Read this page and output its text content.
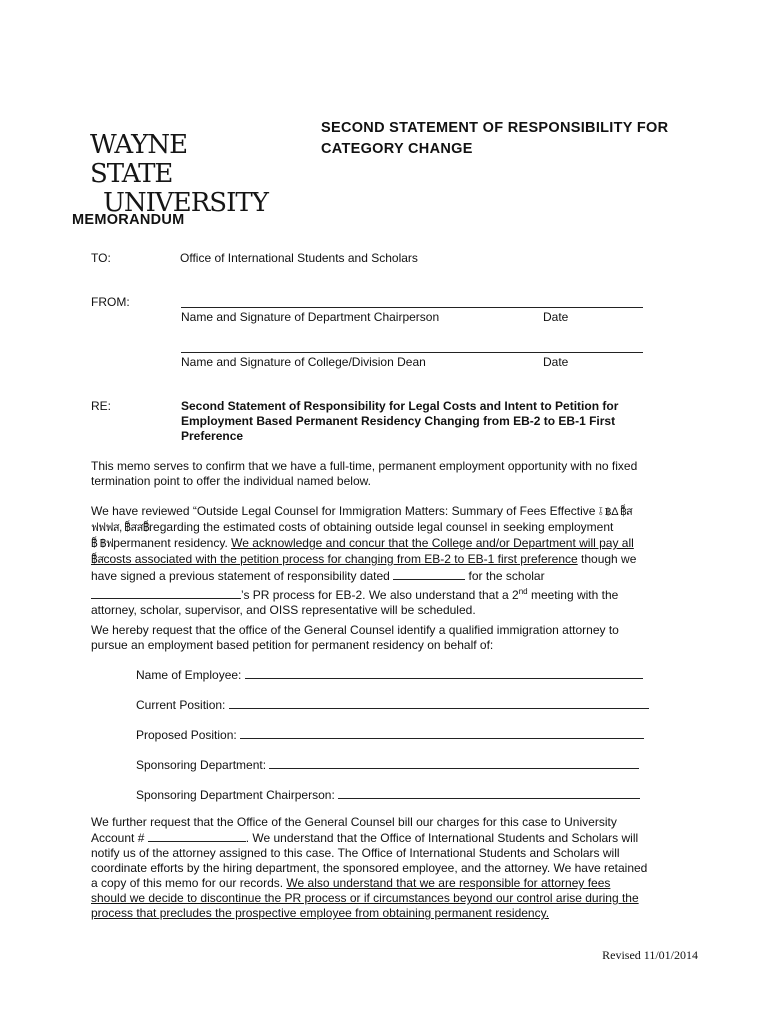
WAYNE STATE
UNIVERSITY
SECOND STATEMENT OF RESPONSIBILITY FOR
CATEGORY CHANGE
MEMORANDUM
TO:	Office of International Students and Scholars
FROM:
Name and Signature of Department Chairperson	Date
Name and Signature of College/Division Dean	Date
RE:	Second Statement of Responsibility for Legal Costs and Intent to Petition for
Employment Based Permanent Residency Changing from EB-2 to EB-1 First
Preference
This memo serves to confirm that we have a full-time, permanent employment opportunity with no fixed
termination point to offer the individual named below.
We have reviewed “Outside Legal Counsel for Immigration Matters: Summary of Fees Effective ⫱ ฿Δ ฿็ส
ฟฟฟส, ฿็สส฿็regarding the estimated costs of obtaining outside legal counsel in seeking employment
฿็ ฿ฟpermanent residency. We acknowledge and concur that the College and/or Department will pay all
฿็สcosts associated with the petition process for changing from EB-2 to EB-1 first preference though we
have signed a previous statement of responsibility dated	for the scholar
’s PR process for EB-2. We also understand that a 2nd meeting with the
attorney, scholar, supervisor, and OISS representative will be scheduled.
We hereby request that the office of the General Counsel identify a qualified immigration attorney to
pursue an employment based petition for permanent residency on behalf of:
Name of Employee:
Current Position:
Proposed Position:
Sponsoring Department:
Sponsoring Department Chairperson:
We further request that the Office of the General Counsel bill our charges for this case to University
Account #	. We understand that the Office of International Students and Scholars will
notify us of the attorney assigned to this case. The Office of International Students and Scholars will
coordinate efforts by the hiring department, the sponsored employee, and the attorney. We have retained
a copy of this memo for our records. We also understand that we are responsible for attorney fees
should we decide to discontinue the PR process or if circumstances beyond our control arise during the
process that precludes the prospective employee from obtaining permanent residency.
Revised 11/01/2014
